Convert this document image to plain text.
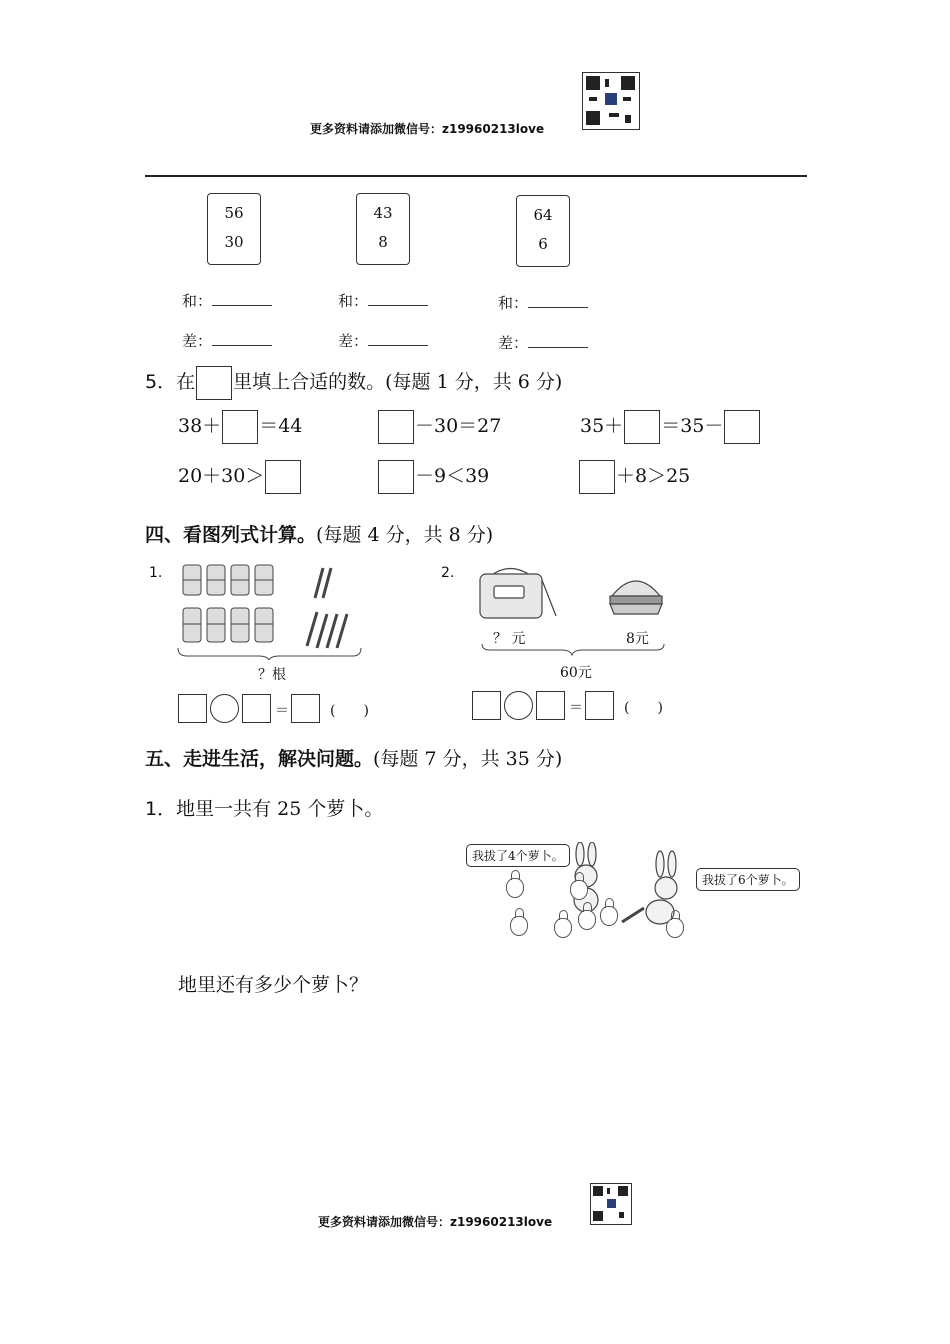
更多资料请添加微信号：z19960213love
56
30
43
8
64
6
和：	和：	和：
差：	差：	差：
5．在 里填上合适的数。(每题 1 分，共 6 分)
38＋ ＝44	－30＝27	35＋ ＝35－
20＋30＞	－9＜39	＋8＞25
四、看图列式计算。(每题 4 分，共 8 分)
1.
？根
＝	(　　)
2.
？ 元	8元
60元
＝	(　　)
五、走进生活，解决问题。(每题 7 分，共 35 分)
1．地里一共有 25 个萝卜。
我拔了4个萝卜。
我拔了6个萝卜。
地里还有多少个萝卜？
更多资料请添加微信号：z19960213love
